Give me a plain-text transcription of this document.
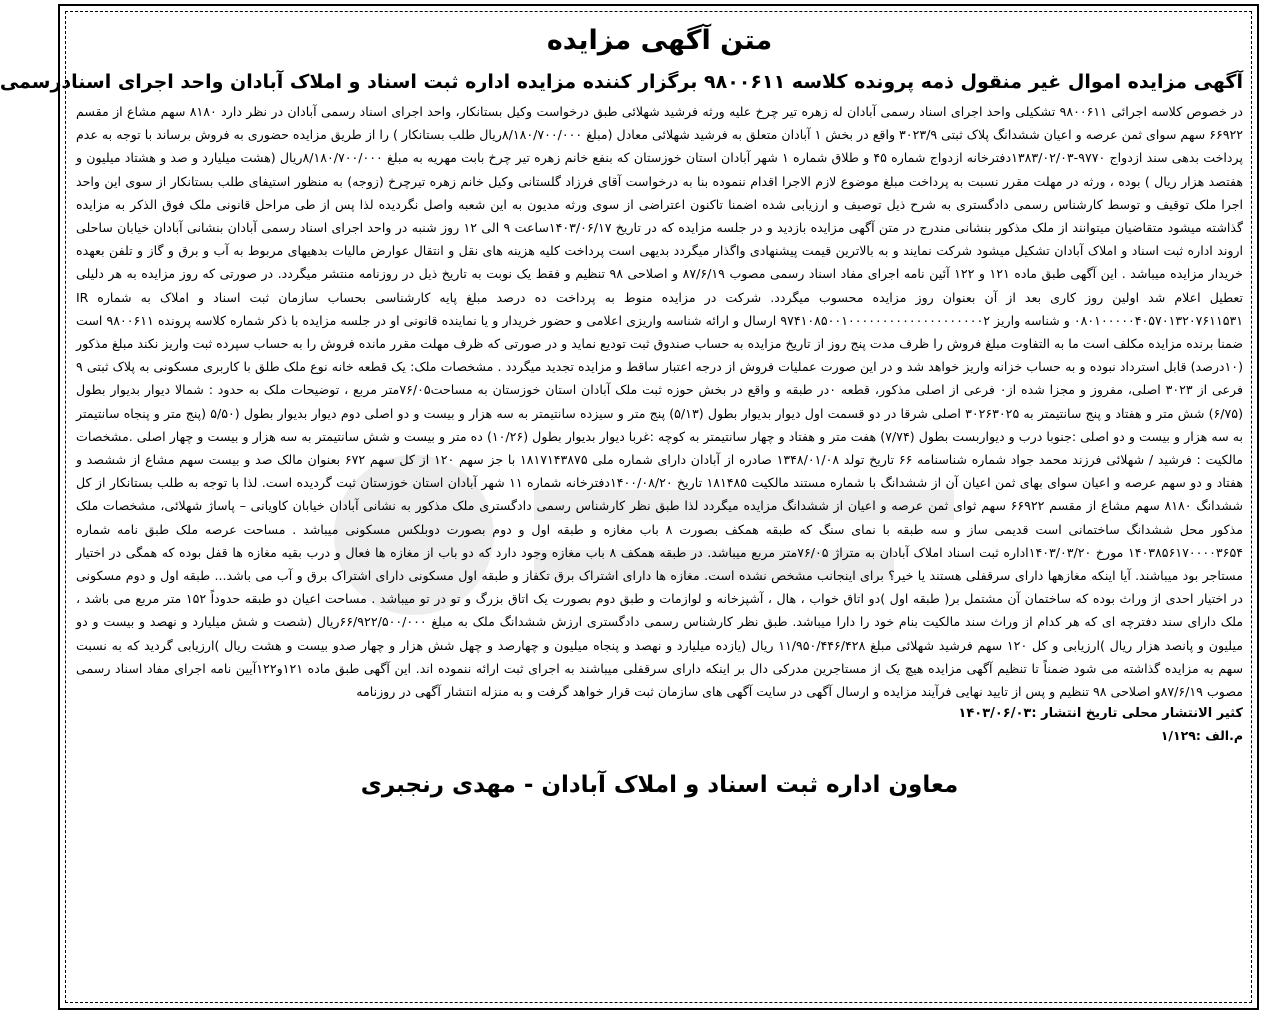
متن آگهی مزایده
آگهی مزایده اموال غیر منقول ذمه پرونده کلاسه ۹۸۰۰۶۱۱ برگزار کننده مزایده اداره ثبت اسناد و املاک آبادان واحد اجرای اسنادرسمی

در خصوص کلاسه اجرائی ۹۸۰۰۶۱۱ تشکیلی واحد اجرای اسناد رسمی آبادان له زهره تیر چرخ علیه ورثه فرشید شهلائی طبق درخواست وکیل بستانکار، واحد اجرای اسناد رسمی آبادان در نظر دارد ۸۱۸۰ سهم مشاع از مقسم ۶۶۹۲۲ سهم سوای ثمن عرصه و اعیان ششدانگ پلاک ثبتی ۳۰۲۳/۹ واقع در بخش ۱ آبادان متعلق به فرشید شهلائی معادل (مبلغ ۸/۱۸۰/۷۰۰/۰۰۰ریال طلب بستانکار ) را از طریق مزایده حضوری به فروش برساند با توجه به عدم پرداخت بدهی سند ازدواج ۹۷۷۰-۱۳۸۳/۰۲/۰۳دفترخانه ازدواج شماره ۴۵ و طلاق شماره ۱ شهر آبادان استان خوزستان که بنفع خانم زهره تیر چرخ بابت مهریه به مبلغ ۸/۱۸۰/۷۰۰/۰۰۰ریال (هشت میلیارد و صد و هشتاد میلیون و هفتصد هزار ریال ) بوده ، ورثه در مهلت مقرر نسبت به پرداخت مبلغ موضوع لازم الاجرا اقدام ننموده بنا به درخواست آقای فرزاد گلستانی وکیل خانم زهره تیرچرخ (زوجه) به منظور استیفای طلب بستانکار از سوی این واحد اجرا ملک توقیف و توسط کارشناس رسمی دادگستری به شرح ذیل توصیف و ارزیابی شده اضمنا تاکنون اعتراضی از سوی ورثه مدیون به این شعبه واصل نگردیده لذا پس از طی مراحل قانونی ملک فوق الذکر به مزایده گذاشته میشود متقاضیان میتوانند از ملک مذکور بنشانی مندرج در متن آگهی مزایده بازدید و در جلسه مزایده که در تاریخ ۱۴۰۳/۰۶/۱۷ساعت ۹ الی ۱۲ روز شنبه در واحد اجرای اسناد رسمی آبادان بنشانی آبادان خیابان ساحلی اروند اداره ثبت اسناد و املاک آبادان تشکیل میشود شرکت نمایند و به بالاترین قیمت پیشنهادی واگذار میگردد بدیهی است پرداخت کلیه هزینه های نقل و انتقال عوارض مالیات بدهیهای مربوط به آب و برق و گاز و تلفن بعهده خریدار مزایده میباشد . این آگهی طبق ماده ۱۲۱ و ۱۲۲ آئین نامه اجرای مفاد اسناد رسمی مصوب ۸۷/۶/۱۹ و اصلاحی ۹۸ تنظیم و فقط یک نوبت به تاریخ ذیل در روزنامه منتشر میگردد. در صورتی که روز مزایده به هر دلیلی تعطیل اعلام شد اولین روز کاری بعد از آن بعنوان روز مزایده محسوب میگردد. شرکت در مزایده منوط به پرداخت ده درصد مبلغ پایه کارشناسی بحساب سازمان ثبت اسناد و املاک به شماره IR ۰۸۰۱۰۰۰۰۰۴۰۵۷۰۱۳۲۰۷۶۱۱۵۳۱ و شناسه واریز ۹۷۴۱۰۸۵۰۰۱۰۰۰۰۰۰۰۰۰۰۰۰۰۰۰۰۰۰۰۰۲ ارسال و ارائه شناسه واریزی اعلامی و حضور خریدار و یا نماینده قانونی او در جلسه مزایده با ذکر شماره کلاسه پرونده ۹۸۰۰۶۱۱ است ضمنا برنده مزایده مکلف است ما به التفاوت مبلغ فروش را ظرف مدت پنج روز از تاریخ مزایده به حساب صندوق ثبت تودیع نماید و در صورتی که ظرف مهلت مقرر مانده فروش را به حساب سپرده ثبت واریز نکند مبلغ مذکور (۱۰درصد) قابل استرداد نبوده و به حساب خزانه واریز خواهد شد و در این صورت عملیات فروش از درجه اعتبار ساقط و مزایده تجدید میگردد . مشخصات ملک: یک قطعه خانه نوع ملک طلق با کاربری مسکونی به پلاک ثبتی ۹ فرعی از ۳۰۲۳ اصلی، مفروز و مجزا شده از۰ فرعی از اصلی مذکور، قطعه ۰در طبقه و واقع در بخش حوزه ثبت ملک آبادان استان خوزستان به مساحت۷۶/۰۵متر مربع ، توضیحات ملک به حدود : شمالا دیوار بدیوار بطول (۶/۷۵) شش متر و هفتاد و پنج سانتیمتر به ۳۰۲۶۳۰۲۵ اصلی شرقا در دو قسمت اول دیوار بدیوار بطول (۵/۱۳) پنج متر و سیزده سانتیمتر به سه هزار و بیست و دو اصلی دوم دیوار بدیوار بطول (۵/۵۰ (پنج متر و پنجاه سانتیمتر به سه هزار و بیست و دو اصلی :جنوبا درب و دیواربست بطول (۷/۷۴) هفت متر و هفتاد و چهار سانتیمتر به کوچه :غربا دیوار بدیوار بطول (۱۰/۲۶) ده متر و بیست و شش سانتیمتر به سه هزار و بیست و چهار اصلی .مشخصات مالکیت : فرشید / شهلائی فرزند محمد جواد شماره شناسنامه ۶۶ تاریخ تولد ۱۳۴۸/۰۱/۰۸ صادره از آبادان دارای شماره ملی ۱۸۱۷۱۴۳۸۷۵ با جز سهم ۱۲۰ از کل سهم ۶۷۲ بعنوان مالک صد و بیست سهم مشاع از ششصد و هفتاد و دو سهم عرصه و اعیان سوای بهای ثمن اعیان آن از ششدانگ با شماره مستند مالکیت ۱۸۱۴۸۵ تاریخ ۱۴۰۰/۰۸/۲۰دفترخانه شماره ۱۱ شهر آبادان استان خوزستان ثبت گردیده است. لذا با توجه به طلب بستانکار از کل ششدانگ ۸۱۸۰ سهم مشاع از مقسم ۶۶۹۲۲ سهم ثوای ثمن عرصه و اعیان از ششدانگ مزایده میگردد لذا طبق نظر کارشناس رسمی دادگستری ملک مذکور به نشانی آبادان خیابان کاویانی – پاساژ شهلائی، مشخصات ملک مذکور محل ششدانگ ساختمانی است قدیمی ساز و سه طبقه با نمای سنگ که طبقه همکف بصورت ۸ باب مغازه و طبقه اول و دوم بصورت دوبلکس مسکونی میباشد . مساحت عرصه ملک طبق نامه شماره ۱۴۰۳۸۵۶۱۷۰۰۰۰۳۶۵۴ مورخ ۱۴۰۳/۰۳/۲۰اداره ثبت اسناد املاک آبادان به متراژ ۷۶/۰۵متر مربع میباشد. در طبقه همکف ۸ باب مغازه وجود دارد که دو باب از مغازه ها فعال و درب بقیه مغازه ها قفل بوده که همگی در اختیار مستاجر بود میباشند. آیا اینکه مغازهها دارای سرقفلی هستند یا خیر؟ برای اینجانب مشخص نشده است. مغازه ها دارای اشتراک برق تکفاز و طبقه اول مسکونی دارای اشتراک برق و آب می باشد... طبقه اول و دوم مسکونی در اختیار احدی از وراث بوده که ساختمان آن مشتمل بر( طبقه اول )دو اتاق خواب ، هال ، آشپزخانه و لوازمات و طبق دوم بصورت یک اتاق بزرگ و تو در تو میباشد . مساحت اعیان دو طبقه حدوداً ۱۵۲ متر مربع می باشد ، ملک دارای سند دفترچه ای که هر کدام از وراث سند مالکیت بنام خود را دارا میباشد. طبق نظر کارشناس رسمی دادگستری ارزش ششدانگ ملک به مبلغ ۶۶/۹۲۲/۵۰۰/۰۰۰ریال (شصت و شش میلیارد و نهصد و بیست و دو میلیون و پانصد هزار ریال )ارزیابی و کل ۱۲۰ سهم فرشید شهلائی مبلغ ۱۱/۹۵۰/۴۴۶/۴۲۸ ریال (یازده میلیارد و نهصد و پنجاه میلیون و چهارصد و چهل شش هزار و چهار صدو بیست و هشت ریال )ارزیابی گردید که به نسبت سهم به مزایده گذاشته می شود ضمناً تا تنظیم آگهی مزایده هیچ یک از مستاجرین مدرکی دال بر اینکه دارای سرقفلی میباشند به اجرای ثبت ارائه ننموده اند. این آگهی طبق ماده ۱۲۱و۱۲۲آیین نامه اجرای مفاد اسناد رسمی مصوب ۸۷/۶/۱۹و اصلاحی ۹۸ تنظیم و پس از تایید نهایی فرآیند مزایده و ارسال آگهی در سایت آگهی های سازمان ثبت قرار خواهد گرفت و به منزله انتشار آگهی در روزنامه

کثیر الانتشار محلی تاریخ انتشار :۱۴۰۳/۰۶/۰۳

م.الف :۱/۱۲۹

معاون اداره ثبت اسناد و املاک آبادان - مهدی رنجبری
